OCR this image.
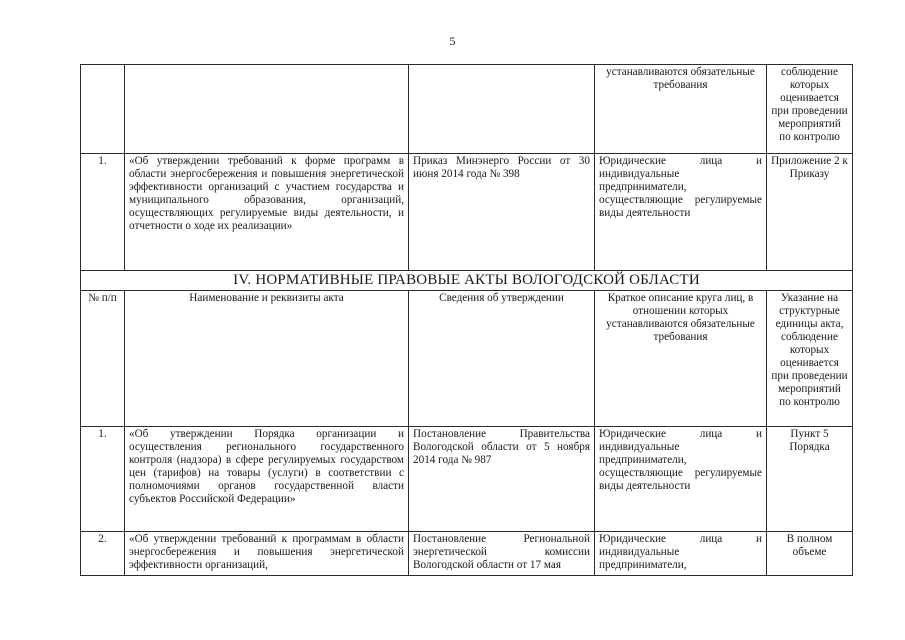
5
			устанавливаются обязательные требования	соблюдение которых оценивается при проведении мероприятий по контролю
1.	«Об утверждении требований к форме программ в области энергосбережения и повышения энергетической эффективности организаций с участием государства и муниципального образования, организаций, осуществляющих регулируемые виды деятельности, и отчетности о ходе их реализации»	Приказ Минэнерго России от 30 июня 2014 года № 398	Юридические лица и индивидуальные предприниматели, осуществляющие регулируемые виды деятельности	Приложение 2 к Приказу
IV. НОРМАТИВНЫЕ ПРАВОВЫЕ АКТЫ ВОЛОГОДСКОЙ ОБЛАСТИ				
№ п/п	Наименование и реквизиты акта	Сведения об утверждении	Краткое описание круга лиц, в отношении которых устанавливаются обязательные требования	Указание на структурные единицы акта, соблюдение которых оценивается при проведении мероприятий по контролю
1.	«Об утверждении Порядка организации и осуществления регионального государственного контроля (надзора) в сфере регулируемых государством цен (тарифов) на товары (услуги) в соответствии с полномочиями органов государственной власти субъектов Российской Федерации»	Постановление Правительства Вологодской области от 5 ноября 2014 года № 987	Юридические лица и индивидуальные предприниматели, осуществляющие регулируемые виды деятельности	Пункт 5 Порядка
2.	«Об утверждении требований к программам в области энергосбережения и повышения энергетической эффективности организаций,	Постановление Региональной энергетической комиссии Вологодской области от 17 мая	Юридические лица и индивидуальные предприниматели,	В полном объеме
